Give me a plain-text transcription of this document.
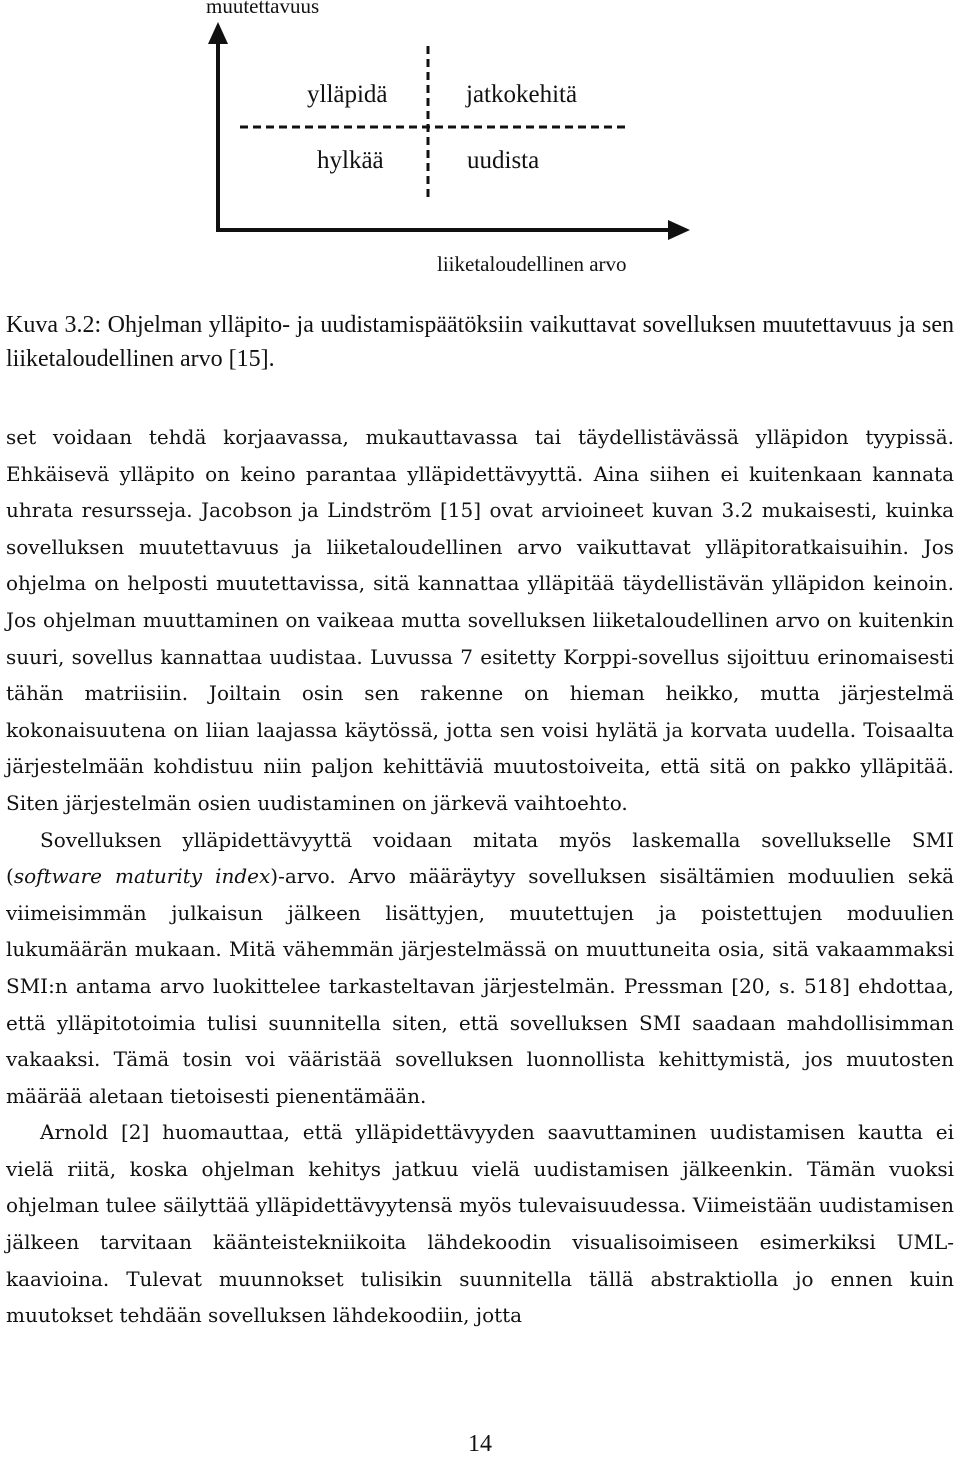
muutettavuus
ylläpidä	jatkokehitä
hylkää	uudista
liiketaloudellinen arvo

Kuva 3.2: Ohjelman ylläpito- ja uudistamispäätöksiin vaikuttavat sovelluksen muutettavuus ja sen liiketaloudellinen arvo [15].

set voidaan tehdä korjaavassa, mukauttavassa tai täydellistävässä ylläpidon tyypissä. Ehkäisevä ylläpito on keino parantaa ylläpidettävyyttä. Aina siihen ei kuitenkaan kannata uhrata resursseja. Jacobson ja Lindström [15] ovat arvioineet kuvan 3.2 mukaisesti, kuinka sovelluksen muutettavuus ja liiketaloudellinen arvo vaikuttavat ylläpitoratkaisuihin. Jos ohjelma on helposti muutettavissa, sitä kannattaa ylläpitää täydellistävän ylläpidon keinoin. Jos ohjelman muuttaminen on vaikeaa mutta sovelluksen liiketaloudellinen arvo on kuitenkin suuri, sovellus kannattaa uudistaa. Luvussa 7 esitetty Korppi-sovellus sijoittuu erinomaisesti tähän matriisiin. Joiltain osin sen rakenne on hieman heikko, mutta järjestelmä kokonaisuutena on liian laajassa käytössä, jotta sen voisi hylätä ja korvata uudella. Toisaalta järjestelmään kohdistuu niin paljon kehittäviä muutostoiveita, että sitä on pakko ylläpitää. Siten järjestelmän osien uudistaminen on järkevä vaihtoehto.

Sovelluksen ylläpidettävyyttä voidaan mitata myös laskemalla sovellukselle SMI (software maturity index)-arvo. Arvo määräytyy sovelluksen sisältämien moduulien sekä viimeisimmän julkaisun jälkeen lisättyjen, muutettujen ja poistettujen moduulien lukumäärän mukaan. Mitä vähemmän järjestelmässä on muuttuneita osia, sitä vakaammaksi SMI:n antama arvo luokittelee tarkasteltavan järjestelmän. Pressman [20, s. 518] ehdottaa, että ylläpitotoimia tulisi suunnitella siten, että sovelluksen SMI saadaan mahdollisimman vakaaksi. Tämä tosin voi vääristää sovelluksen luonnollista kehittymistä, jos muutosten määrää aletaan tietoisesti pienentämään.

Arnold [2] huomauttaa, että ylläpidettävyyden saavuttaminen uudistamisen kautta ei vielä riitä, koska ohjelman kehitys jatkuu vielä uudistamisen jälkeenkin. Tämän vuoksi ohjelman tulee säilyttää ylläpidettävyytensä myös tulevaisuudessa. Viimeistään uudistamisen jälkeen tarvitaan käänteistekniikoita lähdekoodin visualisoimiseen esimerkiksi UML-kaavioina. Tulevat muunnokset tulisikin suunnitella tällä abstraktiolla jo ennen kuin muutokset tehdään sovelluksen lähdekoodiin, jotta

14
